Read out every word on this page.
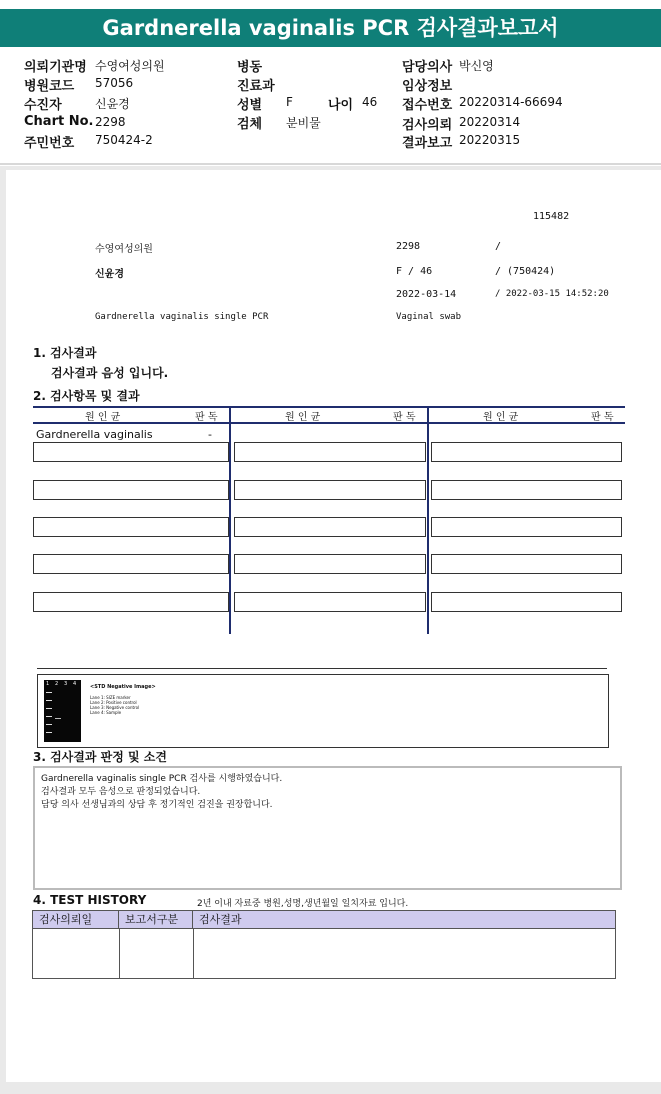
Gardnerella vaginalis PCR 검사결과보고서
의뢰기관명 수영여성의원
병원코드 57056
수진자	신윤경
Chart No. 2298
주민번호 750424-2
병동
진료과
성별 F	나이 46
검체 분비물
담당의사 박신영
임상정보
접수번호 20220314-66694
검사의뢰 20220314
결과보고 20220315
115482
수영여성의원	2298	/
신윤경	F / 46	/ (750424)
2022-03-14	/ 2022-03-15 14:52:20
Gardnerella vaginalis single PCR	Vaginal swab
1. 검사결과
검사결과 음성 입니다.
2. 검사항목 및 결과
원 인 균	판 독	원 인 균	판 독	원 인 균	판 독
Gardnerella vaginalis	-
1 2 3 4	<STD Negative Image>
Lane 1: SIZE marker
Lane 2: Positive control
Lane 3: Negative control
Lane 4: Sample
3. 검사결과 판정 및 소견
Gardnerella vaginalis single PCR 검사를 시행하였습니다.
검사결과 모두 음성으로 판정되었습니다.
담당 의사 선생님과의 상담 후 정기적인 검진을 권장합니다.
4. TEST HISTORY	2년 이내 자료중 병원,성명,생년월일 일치자료 입니다.
검사의뢰일	보고서구분	검사결과
